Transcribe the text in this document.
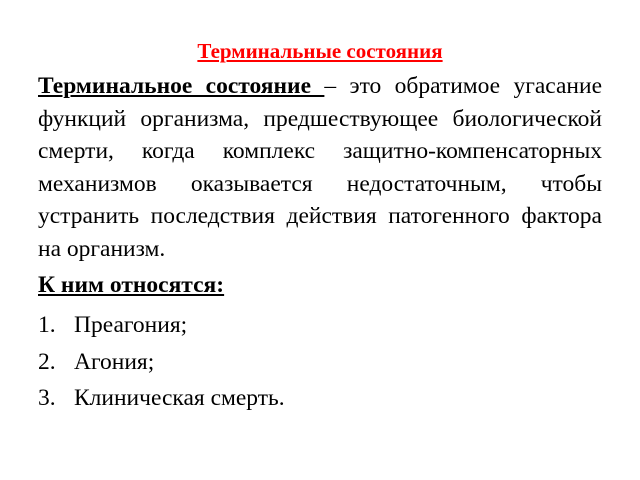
Терминальные состояния

Терминальное состояние – это обратимое угасание функций организма, предшествующее биологической смерти, когда комплекс защитно-компенсаторных механизмов оказывается недостаточным, чтобы устранить последствия действия патогенного фактора на организм.

К ним относятся:

1. Преагония;
2. Агония;
3. Клиническая смерть.
